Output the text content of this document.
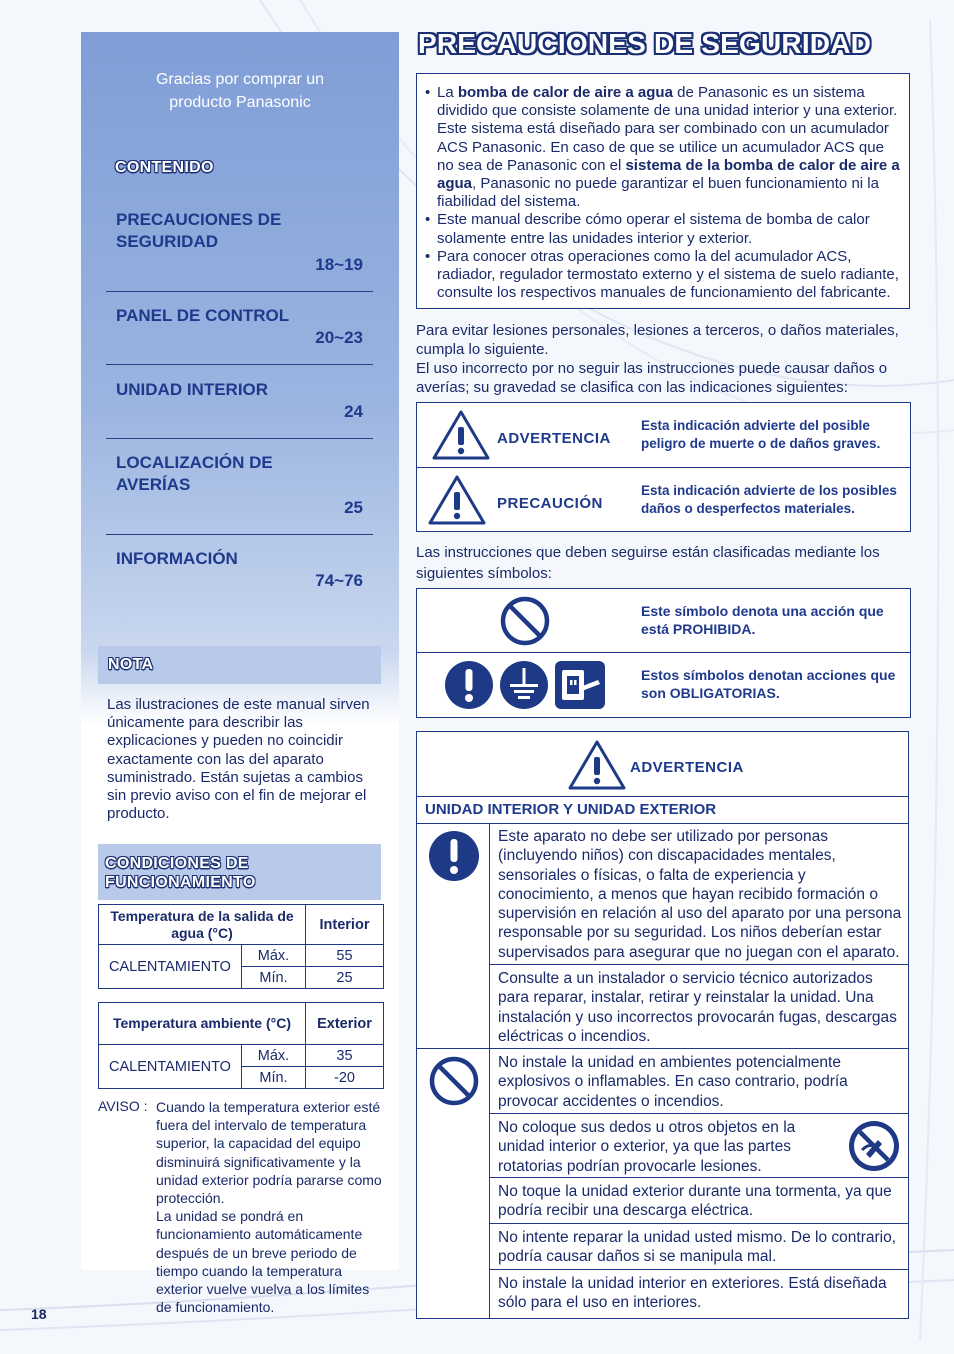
Gracias por comprar un
producto Panasonic
CONTENIDO
PRECAUCIONES DE
SEGURIDAD
18~19
PANEL DE CONTROL
20~23
UNIDAD INTERIOR
24
LOCALIZACIÓN DE
AVERÍAS
25
INFORMACIÓN
74~76
NOTA
Las ilustraciones de este manual sirven únicamente para describir las explicaciones y pueden no coincidir exactamente con las del aparato suministrado. Están sujetas a cambios sin previo aviso con el fin de mejorar el producto.
CONDICIONES DE
FUNCIONAMIENTO
Temperatura de la salida de agua (°C)		Interior
CALENTAMIENTO	Máx.	55
	Mín.	25
Temperatura ambiente (°C)		Exterior
CALENTAMIENTO	Máx.	35
	Mín.	-20
AVISO : Cuando la temperatura exterior esté fuera del intervalo de temperatura superior, la capacidad del equipo disminuirá significativamente y la unidad exterior podría pararse como protección.
La unidad se pondrá en funcionamiento automáticamente después de un breve periodo de tiempo cuando la temperatura exterior vuelve vuelva a los límites de funcionamiento.
18
PRECAUCIONES DE SEGURIDAD
• La bomba de calor de aire a agua de Panasonic es un sistema dividido que consiste solamente de una unidad interior y una exterior. Este sistema está diseñado para ser combinado con un acumulador ACS Panasonic. En caso de que se utilice un acumulador ACS que no sea de Panasonic con el sistema de la bomba de calor de aire a agua, Panasonic no puede garantizar el buen funcionamiento ni la fiabilidad del sistema.
• Este manual describe cómo operar el sistema de bomba de calor solamente entre las unidades interior y exterior.
• Para conocer otras operaciones como la del acumulador ACS, radiador, regulador termostato externo y el sistema de suelo radiante, consulte los respectivos manuales de funcionamiento del fabricante.
Para evitar lesiones personales, lesiones a terceros, o daños materiales, cumpla lo siguiente.
El uso incorrecto por no seguir las instrucciones puede causar daños o averías; su gravedad se clasifica con las indicaciones siguientes:
ADVERTENCIA
Esta indicación advierte del posible peligro de muerte o de daños graves.
PRECAUCIÓN
Esta indicación advierte de los posibles daños o desperfectos materiales.
Las instrucciones que deben seguirse están clasificadas mediante los siguientes símbolos:
Este símbolo denota una acción que está PROHIBIDA.
Estos símbolos denotan acciones que son OBLIGATORIAS.
ADVERTENCIA
UNIDAD INTERIOR Y UNIDAD EXTERIOR
Este aparato no debe ser utilizado por personas (incluyendo niños) con discapacidades mentales, sensoriales o físicas, o falta de experiencia y conocimiento, a menos que hayan recibido formación o supervisión en relación al uso del aparato por una persona responsable por su seguridad. Los niños deberían estar supervisados para asegurar que no juegan con el aparato.
Consulte a un instalador o servicio técnico autorizados para reparar, instalar, retirar y reinstalar la unidad. Una instalación y uso incorrectos provocarán fugas, descargas eléctricas o incendios.
No instale la unidad en ambientes potencialmente explosivos o inflamables. En caso contrario, podría provocar accidentes o incendios.
No coloque sus dedos u otros objetos en la unidad interior o exterior, ya que las partes rotatorias podrían provocarle lesiones.
No toque la unidad exterior durante una tormenta, ya que podría recibir una descarga eléctrica.
No intente reparar la unidad usted mismo. De lo contrario, podría causar daños si se manipula mal.
No instale la unidad interior en exteriores. Está diseñada sólo para el uso en interiores.
